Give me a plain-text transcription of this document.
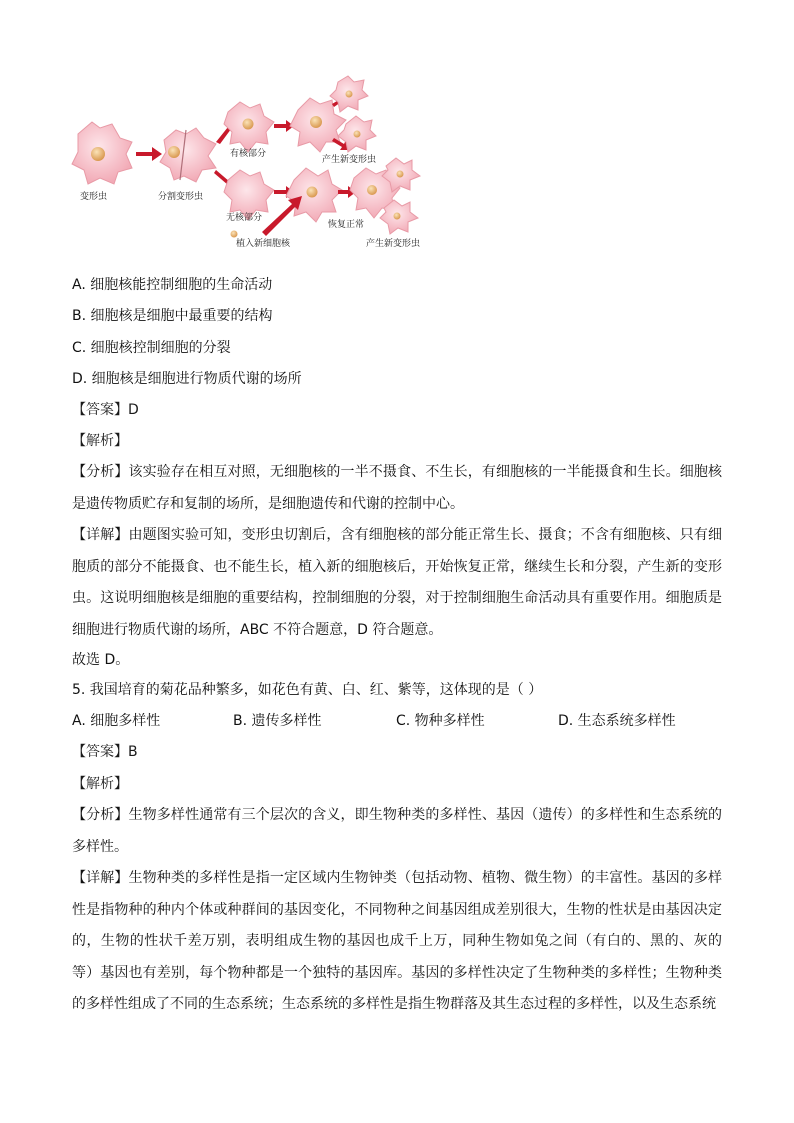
变形虫	分割变形虫
有核部分
产生新变形虫
无核部分
植入新细胞核
恢复正常
产生新变形虫
A. 细胞核能控制细胞的生命活动
B. 细胞核是细胞中最重要的结构
C. 细胞核控制细胞的分裂
D. 细胞核是细胞进行物质代谢的场所
【答案】D
【解析】
【分析】该实验存在相互对照，无细胞核的一半不摄食、不生长，有细胞核的一半能摄食和生长。细胞核是遗传物质贮存和复制的场所，是细胞遗传和代谢的控制中心。
【详解】由题图实验可知，变形虫切割后，含有细胞核的部分能正常生长、摄食；不含有细胞核、只有细胞质的部分不能摄食、也不能生长，植入新的细胞核后，开始恢复正常，继续生长和分裂，产生新的变形虫。这说明细胞核是细胞的重要结构，控制细胞的分裂，对于控制细胞生命活动具有重要作用。细胞质是细胞进行物质代谢的场所，ABC 不符合题意，D 符合题意。
故选 D。
5. 我国培育的菊花品种繁多，如花色有黄、白、红、紫等，这体现的是（ ）
A. 细胞多样性	B. 遗传多样性	C. 物种多样性	D. 生态系统多样性
【答案】B
【解析】
【分析】生物多样性通常有三个层次的含义，即生物种类的多样性、基因（遗传）的多样性和生态系统的多样性。
【详解】生物种类的多样性是指一定区域内生物钟类（包括动物、植物、微生物）的丰富性。基因的多样性是指物种的种内个体或种群间的基因变化，不同物种之间基因组成差别很大，生物的性状是由基因决定的，生物的性状千差万别，表明组成生物的基因也成千上万，同种生物如兔之间（有白的、黑的、灰的等）基因也有差别，每个物种都是一个独特的基因库。基因的多样性决定了生物种类的多样性；生物种类的多样性组成了不同的生态系统；生态系统的多样性是指生物群落及其生态过程的多样性，以及生态系统
